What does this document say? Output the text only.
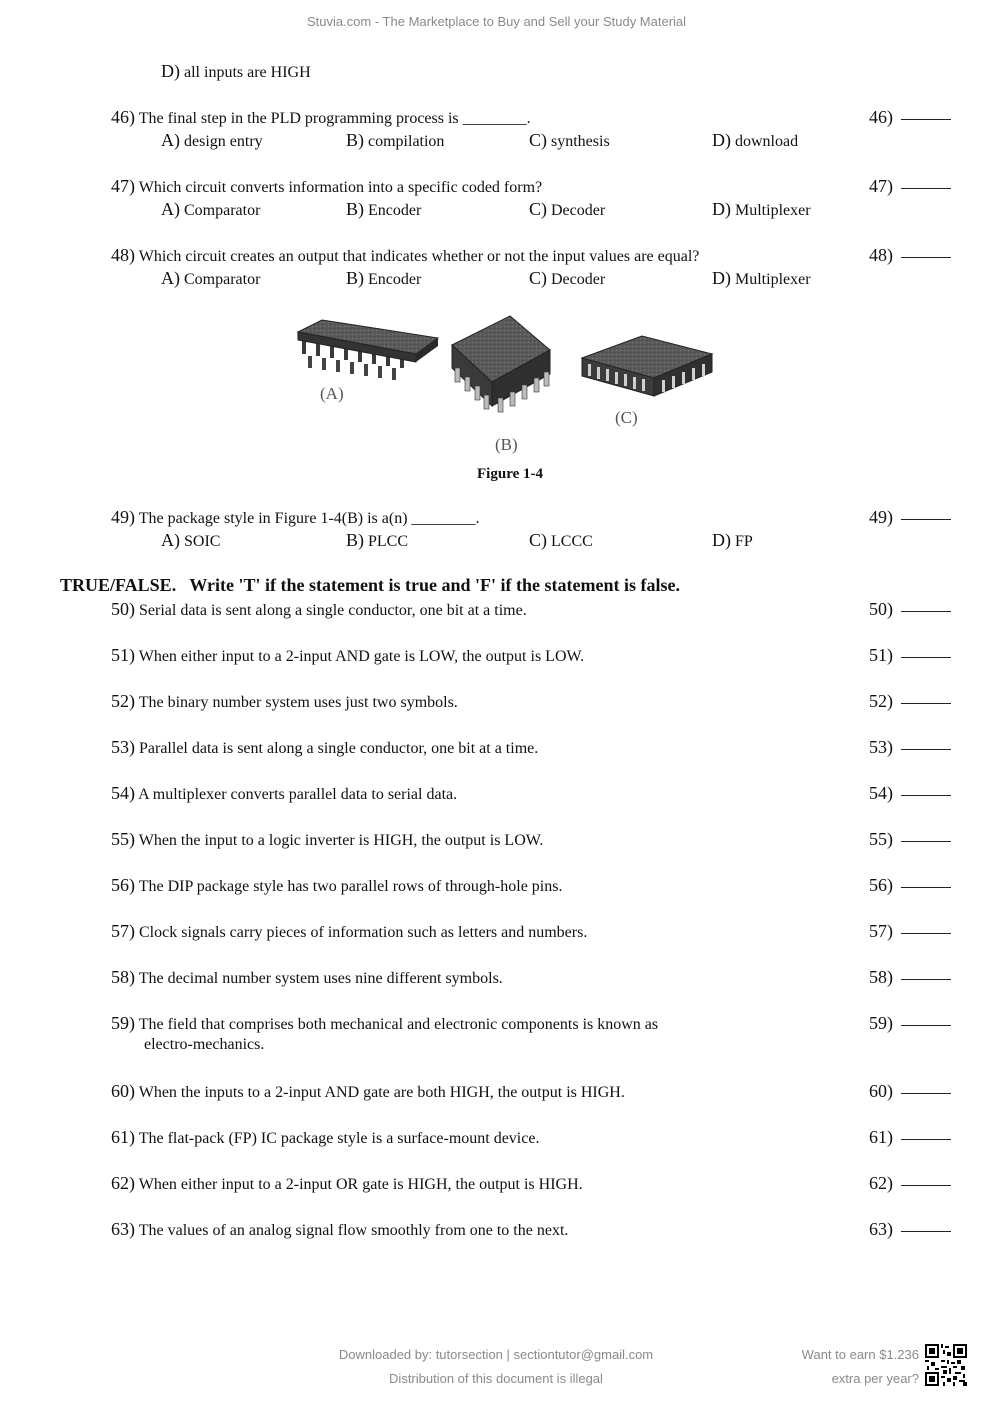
Stuvia.com - The Marketplace to Buy and Sell your Study Material
D) all inputs are HIGH
46) The final step in the PLD programming process is ________.	46)
A) design entry	B) compilation	C) synthesis	D) download
47) Which circuit converts information into a specific coded form?	47)
A) Comparator	B) Encoder	C) Decoder	D) Multiplexer
48) Which circuit creates an output that indicates whether or not the input values are equal?	48)
A) Comparator	B) Encoder	C) Decoder	D) Multiplexer
(A)
(B)
(C)
Figure 1-4
49) The package style in Figure 1-4(B) is a(n) ________.	49)
A) SOIC	B) PLCC	C) LCCC	D) FP
TRUE/FALSE.   Write 'T' if the statement is true and 'F' if the statement is false.
50) Serial data is sent along a single conductor, one bit at a time.	50)
51) When either input to a 2-input AND gate is LOW, the output is LOW.	51)
52) The binary number system uses just two symbols.	52)
53) Parallel data is sent along a single conductor, one bit at a time.	53)
54) A multiplexer converts parallel data to serial data.	54)
55) When the input to a logic inverter is HIGH, the output is LOW.	55)
56) The DIP package style has two parallel rows of through-hole pins.	56)
57) Clock signals carry pieces of information such as letters and numbers.	57)
58) The decimal number system uses nine different symbols.	58)
59) The field that comprises both mechanical and electronic components is known as
electro-mechanics.
59)
60) When the inputs to a 2-input AND gate are both HIGH, the output is HIGH.	60)
61) The flat-pack (FP) IC package style is a surface-mount device.	61)
62) When either input to a 2-input OR gate is HIGH, the output is HIGH.	62)
63) The values of an analog signal flow smoothly from one to the next.	63)
Downloaded by: tutorsection | sectiontutor@gmail.com
Distribution of this document is illegal
Want to earn $1.236
extra per year?
